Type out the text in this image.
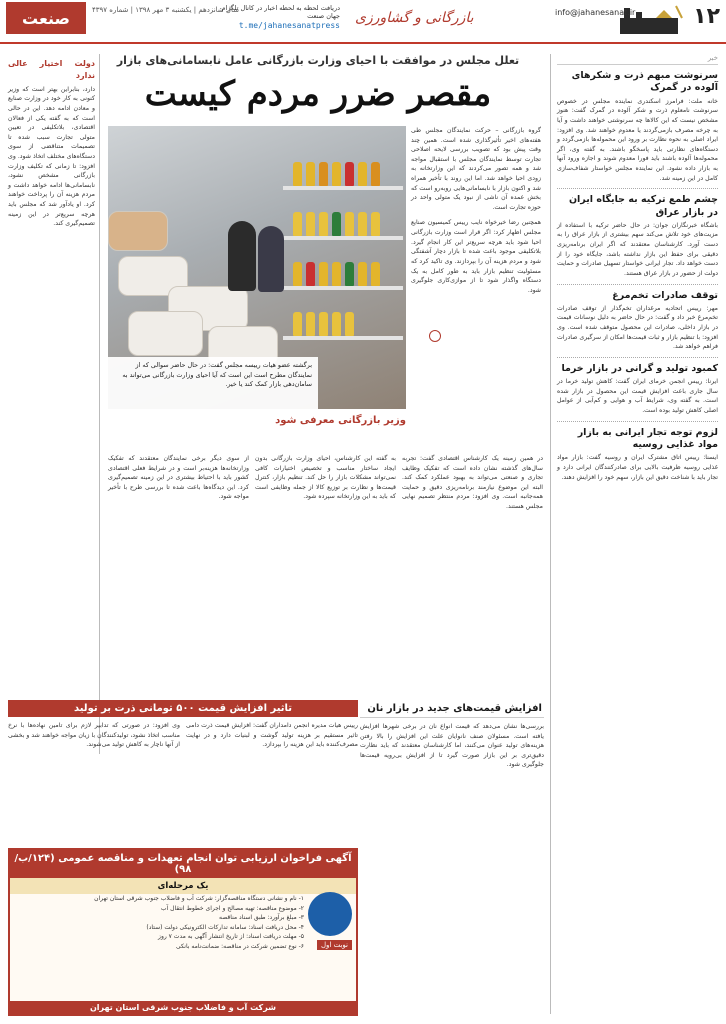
۱۲
info@jahanesanat.ir
بازرگانی و گشاورزی
دریافت لحظه به لحظه اخبار در کانال تلگرام جهان صنعت
t.me/jahanesanatpress
سال شانزدهم | یکشنبه ۳ مهر ۱۳۹۸ | شماره ۴۳۹۷
صنعت
خبر
سرنوشت مبهم ذرت و شکرهای آلوده در گمرک
خانه ملت: فرامرز اسکندری نماینده مجلس در خصوص سرنوشت نامعلوم ذرت و شکر آلوده در گمرک گفت: هنوز مشخص نیست که این کالاها چه سرنوشتی خواهند داشت و آیا به چرخه مصرف بازمی‌گردند یا معدوم خواهند شد. وی افزود: ایراد اصلی به نحوه نظارت بر ورود این محموله‌ها بازمی‌گردد و دستگاه‌های نظارتی باید پاسخگو باشند. به گفته وی، اگر محموله‌ها آلوده باشند باید فورا معدوم شوند و اجازه ورود آنها به بازار داده نشود. این نماینده مجلس خواستار شفاف‌سازی کامل در این زمینه شد.
چشم طمع ترکیه به جایگاه ایران در بازار عراق
باشگاه خبرنگاران جوان: در حال حاضر ترکیه با استفاده از مزیت‌های خود تلاش می‌کند سهم بیشتری از بازار عراق را به دست آورد. کارشناسان معتقدند که اگر ایران برنامه‌ریزی دقیقی برای حفظ این بازار نداشته باشد، جایگاه خود را از دست خواهد داد. تجار ایرانی خواستار تسهیل صادرات و حمایت دولت از حضور در بازار عراق هستند.
توقف صادرات تخم‌مرغ
مهر: رییس اتحادیه مرغداران تخم‌گذار از توقف صادرات تخم‌مرغ خبر داد و گفت: در حال حاضر به دلیل نوسانات قیمت در بازار داخلی، صادرات این محصول متوقف شده است. وی افزود: با تنظیم بازار و ثبات قیمت‌ها امکان از سرگیری صادرات فراهم خواهد شد.
کمبود تولید و گرانی در بازار خرما
ایرنا: رییس انجمن خرمای ایران گفت: کاهش تولید خرما در سال جاری باعث افزایش قیمت این محصول در بازار شده است. به گفته وی، شرایط آب و هوایی و کم‌آبی از عوامل اصلی کاهش تولید بوده است.
لزوم توجه تجار ایرانی به بازار مواد غذایی روسیه
ایسنا: رییس اتاق مشترک ایران و روسیه گفت: بازار مواد غذایی روسیه ظرفیت بالایی برای صادرکنندگان ایرانی دارد و تجار باید با شناخت دقیق این بازار، سهم خود را افزایش دهند.
تعلل مجلس در موافقت با احیای وزارت بازرگانی عامل نابسامانی‌های بازار
مقصر ضرر مردم کیست
دولت اختیار عالی ندارد
دارد، بنابراین بهتر است که وزیر کنونی به کار خود در وزارت صنایع و معادن ادامه دهد. این در حالی است که به گفته یکی از فعالان اقتصادی، بلاتکلیفی در تعیین متولی تجارت سبب شده تا تصمیمات متناقضی از سوی دستگاه‌های مختلف اتخاذ شود. وی افزود: تا زمانی که تکلیف وزارت بازرگانی مشخص نشود، نابسامانی‌ها ادامه خواهد داشت و مردم هزینه آن را پرداخت خواهند کرد. او یادآور شد که مجلس باید هرچه سریع‌تر در این زمینه تصمیم‌گیری کند.
برگشته عضو هیات رییسه مجلس گفت: در حال حاضر سوالی که از نمایندگان مطرح است این است که آیا احیای وزارت بازرگانی می‌تواند به سامان‌دهی بازار کمک کند یا خیر.
گروه بازرگانی – حرکت نمایندگان مجلس طی هفته‌های اخیر تأثیرگذاری شده است. همین چند وقت پیش بود که تصویب بررسی لایحه اصلاحی تجارت توسط نمایندگان مجلس با استقبال مواجه شد و همه تصور می‌کردند که این وزارتخانه به زودی احیا خواهد شد. اما این روند با تأخیر همراه شد و اکنون بازار با نابسامانی‌هایی روبه‌رو است که بخش عمده آن ناشی از نبود یک متولی واحد در حوزه تجارت است.
همچنین رضا خیرخواه نایب رییس کمیسیون صنایع مجلس اظهار کرد: اگر قرار است وزارت بازرگانی احیا شود باید هرچه سریع‌تر این کار انجام گیرد. بلاتکلیفی موجود باعث شده تا بازار دچار آشفتگی شود و مردم هزینه آن را بپردازند. وی تاکید کرد که مسئولیت تنظیم بازار باید به طور کامل به یک دستگاه واگذار شود تا از موازی‌کاری جلوگیری شود.
وزیر بازرگانی معرفی شود
در همین زمینه یک کارشناس اقتصادی گفت: تجربه سال‌های گذشته نشان داده است که تفکیک وظایف تجاری و صنعتی می‌تواند به بهبود عملکرد کمک کند. البته این موضوع نیازمند برنامه‌ریزی دقیق و حمایت همه‌جانبه است. وی افزود: مردم منتظر تصمیم نهایی مجلس هستند.
به گفته این کارشناس، احیای وزارت بازرگانی بدون ایجاد ساختار مناسب و تخصیص اختیارات کافی نمی‌تواند مشکلات بازار را حل کند. تنظیم بازار، کنترل قیمت‌ها و نظارت بر توزیع کالا از جمله وظایفی است که باید به این وزارتخانه سپرده شود.
از سوی دیگر برخی نمایندگان معتقدند که تفکیک وزارتخانه‌ها هزینه‌بر است و در شرایط فعلی اقتصادی کشور باید با احتیاط بیشتری در این زمینه تصمیم‌گیری کرد. این دیدگاه‌ها باعث شده تا بررسی طرح با تأخیر مواجه شود.
تاثیر افزایش قیمت ۵۰۰ تومانی ذرت بر تولید
رییس هیات مدیره انجمن دامداران گفت: افزایش قیمت ذرت دامی تاثیر مستقیم بر هزینه تولید گوشت و لبنیات دارد و در نهایت مصرف‌کننده باید این هزینه را بپردازد.
وی افزود: در صورتی که تدابیر لازم برای تامین نهاده‌ها با نرخ مناسب اتخاذ نشود، تولیدکنندگان با زیان مواجه خواهند شد و بخشی از آنها ناچار به کاهش تولید می‌شوند.
افزایش قیمت‌های جدید در بازار نان
بررسی‌ها نشان می‌دهد که قیمت انواع نان در برخی شهرها افزایش یافته است. مسئولان صنف نانوایان علت این افزایش را بالا رفتن هزینه‌های تولید عنوان می‌کنند، اما کارشناسان معتقدند که باید نظارت دقیق‌تری بر این بازار صورت گیرد تا از افزایش بی‌رویه قیمت‌ها جلوگیری شود.
آگهی فراخوان ارزیابی توان انجام تعهدات و مناقصه عمومی (۱۲۴/ب/۹۸)
یک مرحله‌ای
نوبت اول
۱- نام و نشانی دستگاه مناقصه‌گزار: شرکت آب و فاضلاب جنوب شرقی استان تهران
۲- موضوع مناقصه: تهیه مصالح و اجرای خطوط انتقال آب
۳- مبلغ برآورد: طبق اسناد مناقصه
۴- محل دریافت اسناد: سامانه تدارکات الکترونیکی دولت (ستاد)
۵- مهلت دریافت اسناد: از تاریخ انتشار آگهی به مدت ۷ روز
۶- نوع تضمین شرکت در مناقصه: ضمانت‌نامه بانکی
شرکت آب و فاضلاب جنوب شرقی استان تهران
